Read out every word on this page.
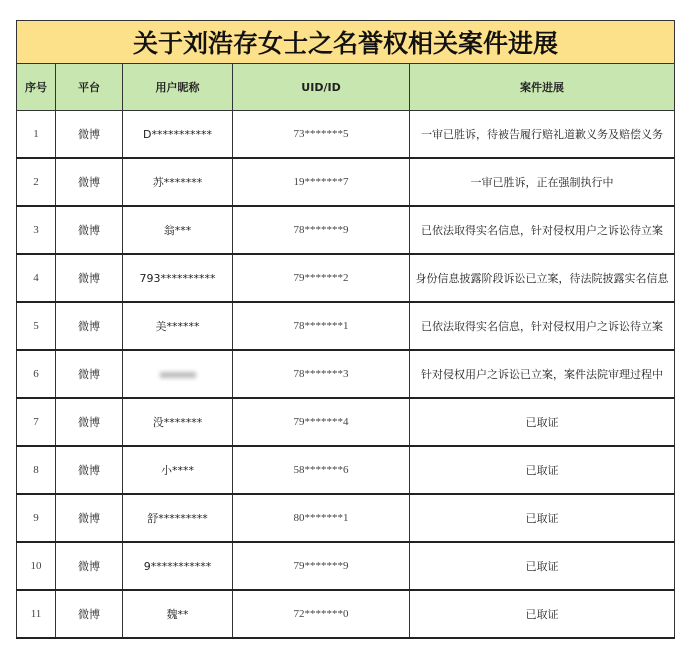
关于刘浩存女士之名誉权相关案件进展				
序号	平台	用户昵称	UID/ID	案件进展
1	微博	D***********	73*******5	一审已胜诉，待被告履行赔礼道歉义务及赔偿义务
2	微博	苏*******	19*******7	一审已胜诉，正在强制执行中
3	微博	翁***	78*******9	已依法取得实名信息，针对侵权用户之诉讼待立案
4	微博	793**********	79*******2	身份信息披露阶段诉讼已立案，待法院披露实名信息
5	微博	美******	78*******1	已依法取得实名信息，针对侵权用户之诉讼待立案
6	微博		78*******3	针对侵权用户之诉讼已立案，案件法院审理过程中
7	微博	没*******	79*******4	已取证
8	微博	小****	58*******6	已取证
9	微博	舒*********	80*******1	已取证
10	微博	9***********	79*******9	已取证
11	微博	魏**	72*******0	已取证
